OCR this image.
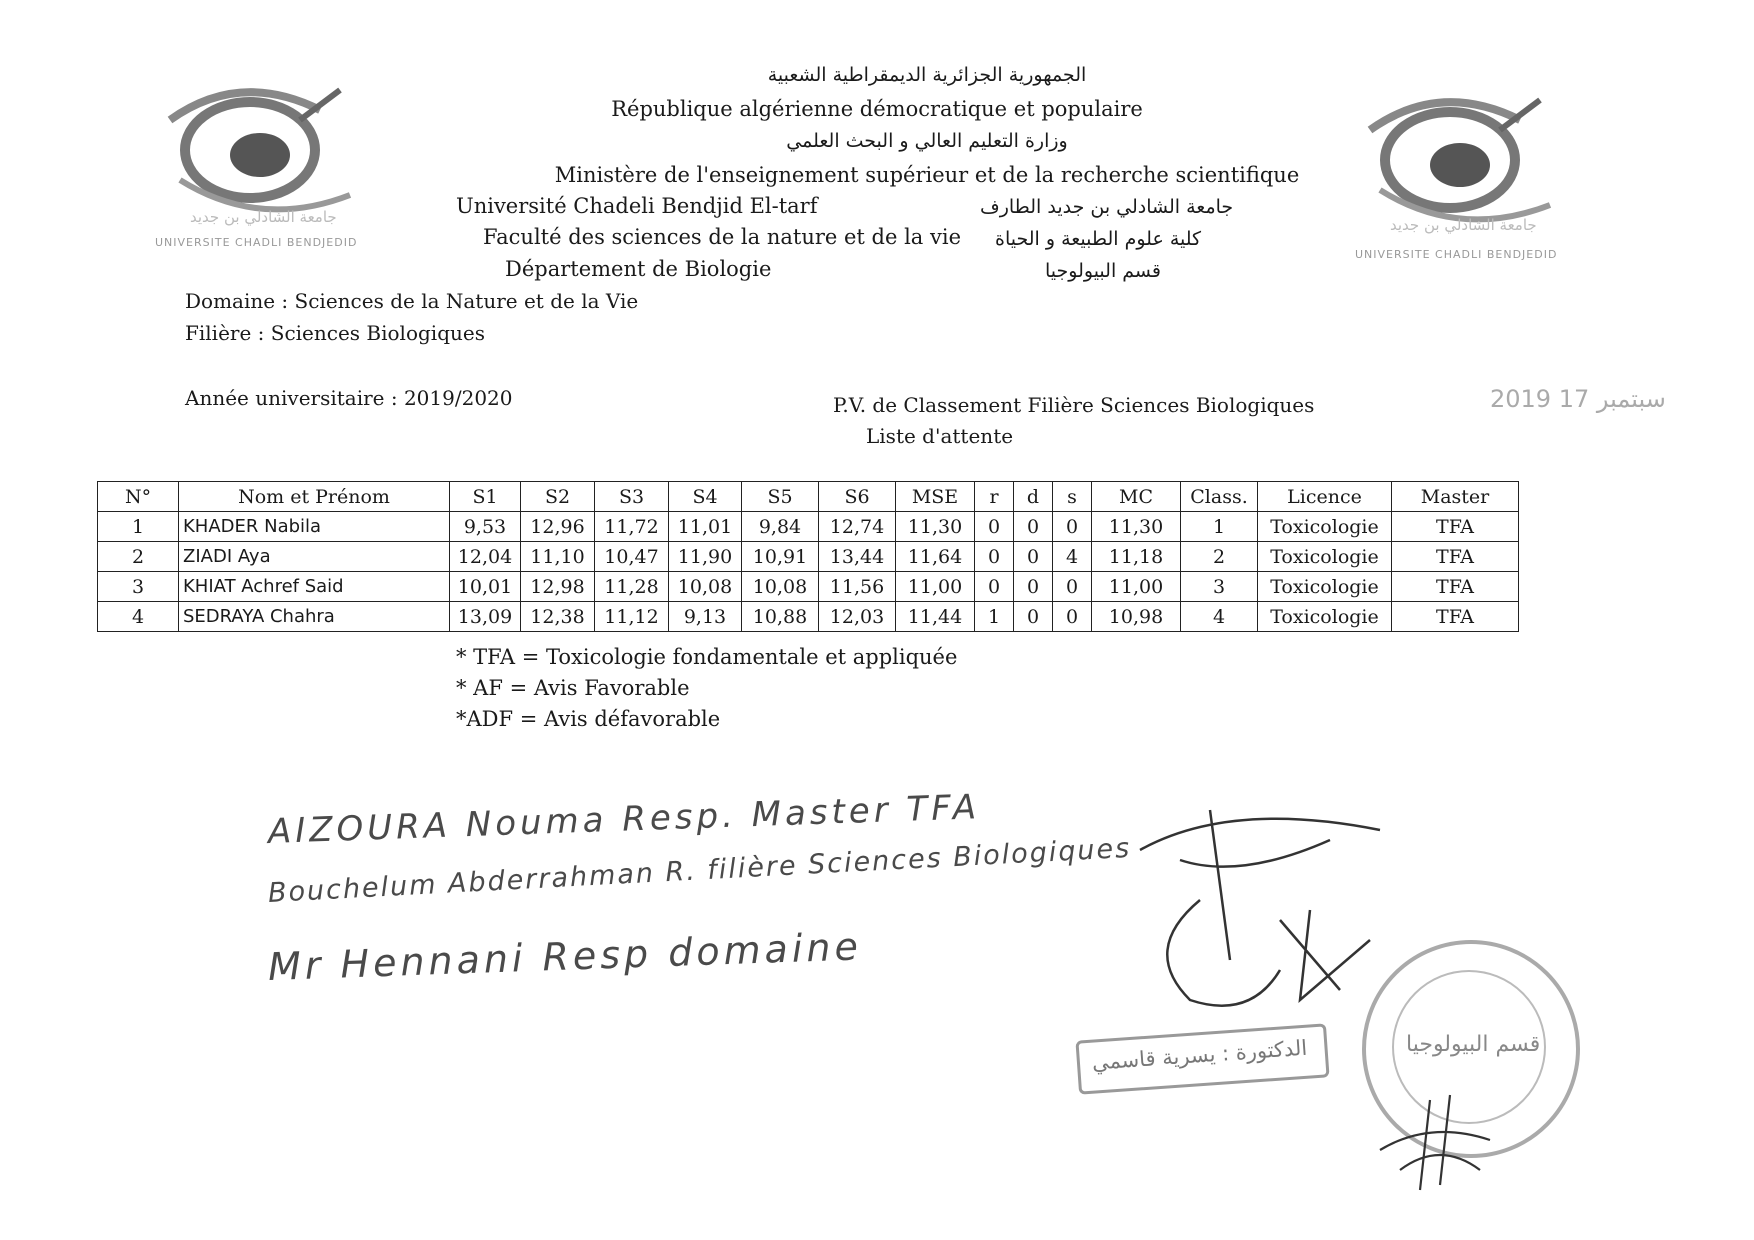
جامعة الشادلي بن جديد
UNIVERSITE CHADLI BENDJEDID
جامعة الشادلي بن جديد
UNIVERSITE CHADLI BENDJEDID
الجمهورية الجزائرية الديمقراطية الشعبية
République algérienne démocratique et populaire
وزارة التعليم العالي و البحث العلمي
Ministère de l'enseignement supérieur et de la recherche scientifique
Université Chadeli Bendjid El-tarf	جامعة الشادلي بن جديد الطارف
Faculté des sciences de la nature et de la vie كلية علوم الطبيعة و الحياة
Département de Biologie	قسم البيولوجيا
Domaine : Sciences de la Nature et de la Vie
Filière : Sciences Biologiques
Année universitaire : 2019/2020	P.V. de Classement Filière Sciences Biologiques
Liste d'attente
2019 سبتمبر 17
N°	Nom et Prénom	S1	S2	S3	S4	S5	S6	MSE	r	d	s	MC	Class.	Licence	Master
1	KHADER Nabila	9,53	12,96	11,72	11,01	9,84	12,74	11,30	0	0	0	11,30	1	Toxicologie	TFA
2	ZIADI Aya	12,04	11,10	10,47	11,90	10,91	13,44	11,64	0	0	4	11,18	2	Toxicologie	TFA
3	KHIAT Achref Said	10,01	12,98	11,28	10,08	10,08	11,56	11,00	0	0	0	11,00	3	Toxicologie	TFA
4	SEDRAYA Chahra	13,09	12,38	11,12	9,13	10,88	12,03	11,44	1	0	0	10,98	4	Toxicologie	TFA
* TFA = Toxicologie fondamentale et appliquée
* AF = Avis Favorable
*ADF = Avis défavorable
AIZOURA Nouma Resp. Master TFA
Bouchelum Abderrahman R. filière Sciences Biologiques
Mr Hennani Resp domaine
الدكتورة : يسرية قاسمي	قسم البيولوجيا
